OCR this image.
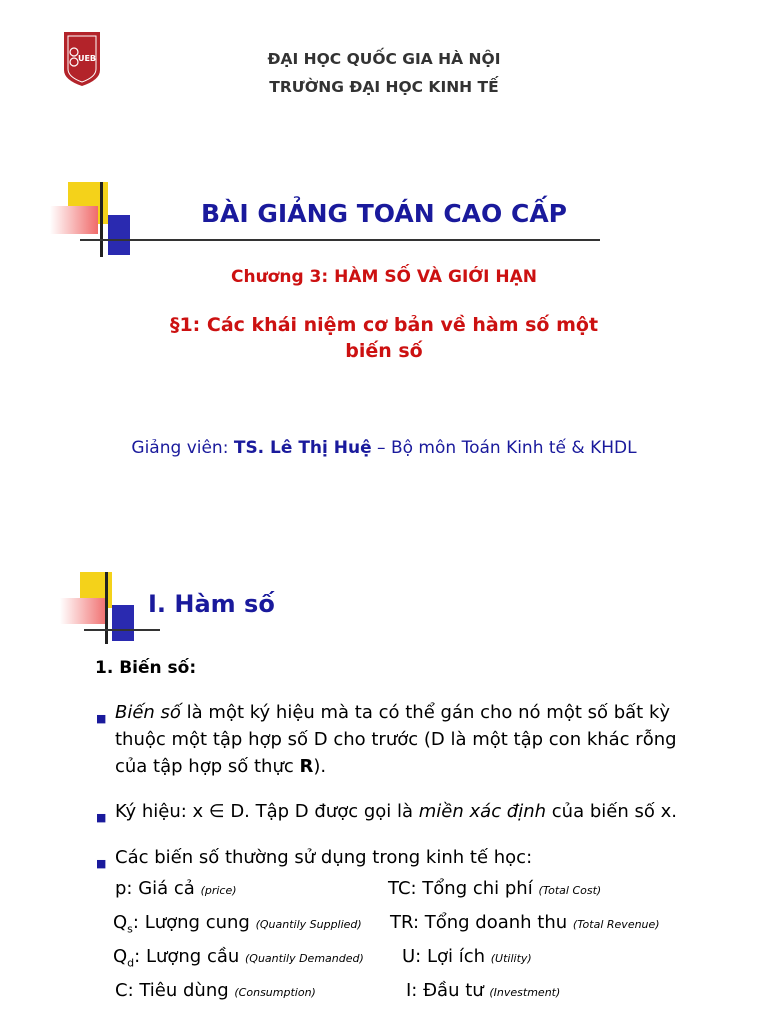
UEB	ĐẠI HỌC QUỐC GIA HÀ NỘI
TRƯỜNG ĐẠI HỌC KINH TẾ
BÀI GIẢNG TOÁN CAO CẤP
Chương 3: HÀM SỐ VÀ GIỚI HẠN
§1: Các khái niệm cơ bản về hàm số một
biến số
Giảng viên: TS. Lê Thị Huệ – Bộ môn Toán Kinh tế & KHDL
I. Hàm số
1. Biến số:
■ Biến số là một ký hiệu mà ta có thể gán cho nó một số bất kỳ
thuộc một tập hợp số D cho trước (D là một tập con khác rỗng
của tập hợp số thực R).
■ Ký hiệu: x ∈ D. Tập D được gọi là miền xác định của biến số x.
■ Các biến số thường sử dụng trong kinh tế học:
p: Giá cả (price)	TC: Tổng chi phí (Total Cost)
$Q_s$: Lượng cung (Quantily Supplied) TR: Tổng doanh thu (Total Revenue)
$Q_d$: Lượng cầu (Quantily Demanded) U: Lợi ích (Utility)
C: Tiêu dùng (Consumption)	I: Đầu tư (Investment)
